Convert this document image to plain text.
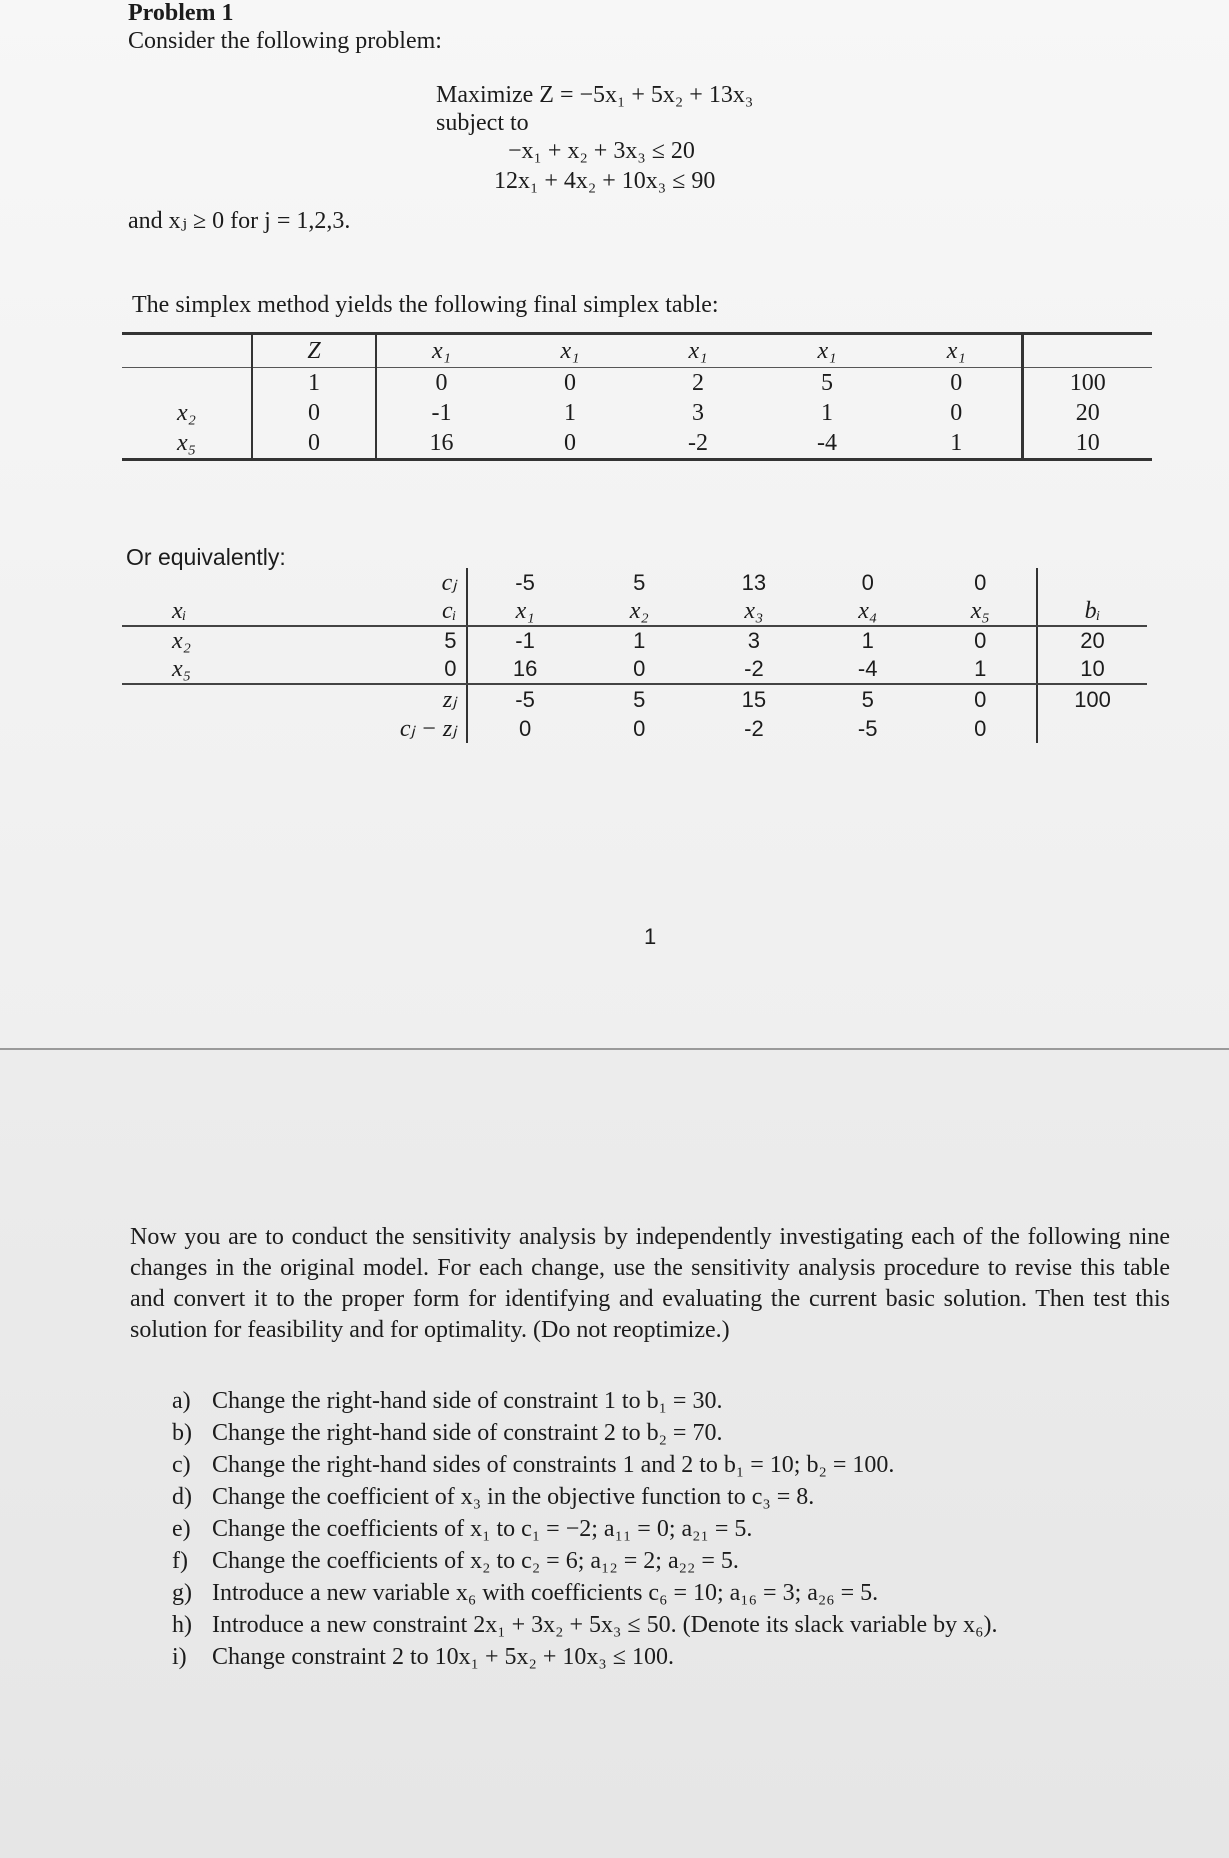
Problem 1
Consider the following problem:
Maximize Z = −5x₁ + 5x₂ + 13x₃
subject to
−x₁ + x₂ + 3x₃ ≤ 20
12x₁ + 4x₂ + 10x₃ ≤ 90
and xⱼ ≥ 0 for j = 1,2,3.
The simplex method yields the following final simplex table:
	Z	x₁	x₁	x₁	x₁	x₁	
	1	0	0	2	5	0	100
x₂	0	-1	1	3	1	0	20
x₅	0	16	0	-2	-4	1	10
Or equivalently:
	cⱼ	-5	5	13	0	0	
xᵢ	cᵢ	x₁	x₂	x₃	x₄	x₅	bᵢ
x₂	5	-1	1	3	1	0	20
x₅	0	16	0	-2	-4	1	10
	zⱼ	-5	5	15	5	0	100
	cⱼ − zⱼ	0	0	-2	-5	0	
1
Now you are to conduct the sensitivity analysis by independently investigating each of the following nine changes in the original model. For each change, use the sensitivity analysis procedure to revise this table and convert it to the proper form for identifying and evaluating the current basic solution. Then test this solution for feasibility and for optimality. (Do not reoptimize.)
a) Change the right-hand side of constraint 1 to b₁ = 30.
b) Change the right-hand side of constraint 2 to b₂ = 70.
c) Change the right-hand sides of constraints 1 and 2 to b₁ = 10; b₂ = 100.
d) Change the coefficient of x₃ in the objective function to c₃ = 8.
e) Change the coefficients of x₁ to c₁ = −2; a₁₁ = 0; a₂₁ = 5.
f) Change the coefficients of x₂ to c₂ = 6; a₁₂ = 2; a₂₂ = 5.
g) Introduce a new variable x₆ with coefficients c₆ = 10; a₁₆ = 3; a₂₆ = 5.
h) Introduce a new constraint 2x₁ + 3x₂ + 5x₃ ≤ 50. (Denote its slack variable by x₆).
i) Change constraint 2 to 10x₁ + 5x₂ + 10x₃ ≤ 100.
